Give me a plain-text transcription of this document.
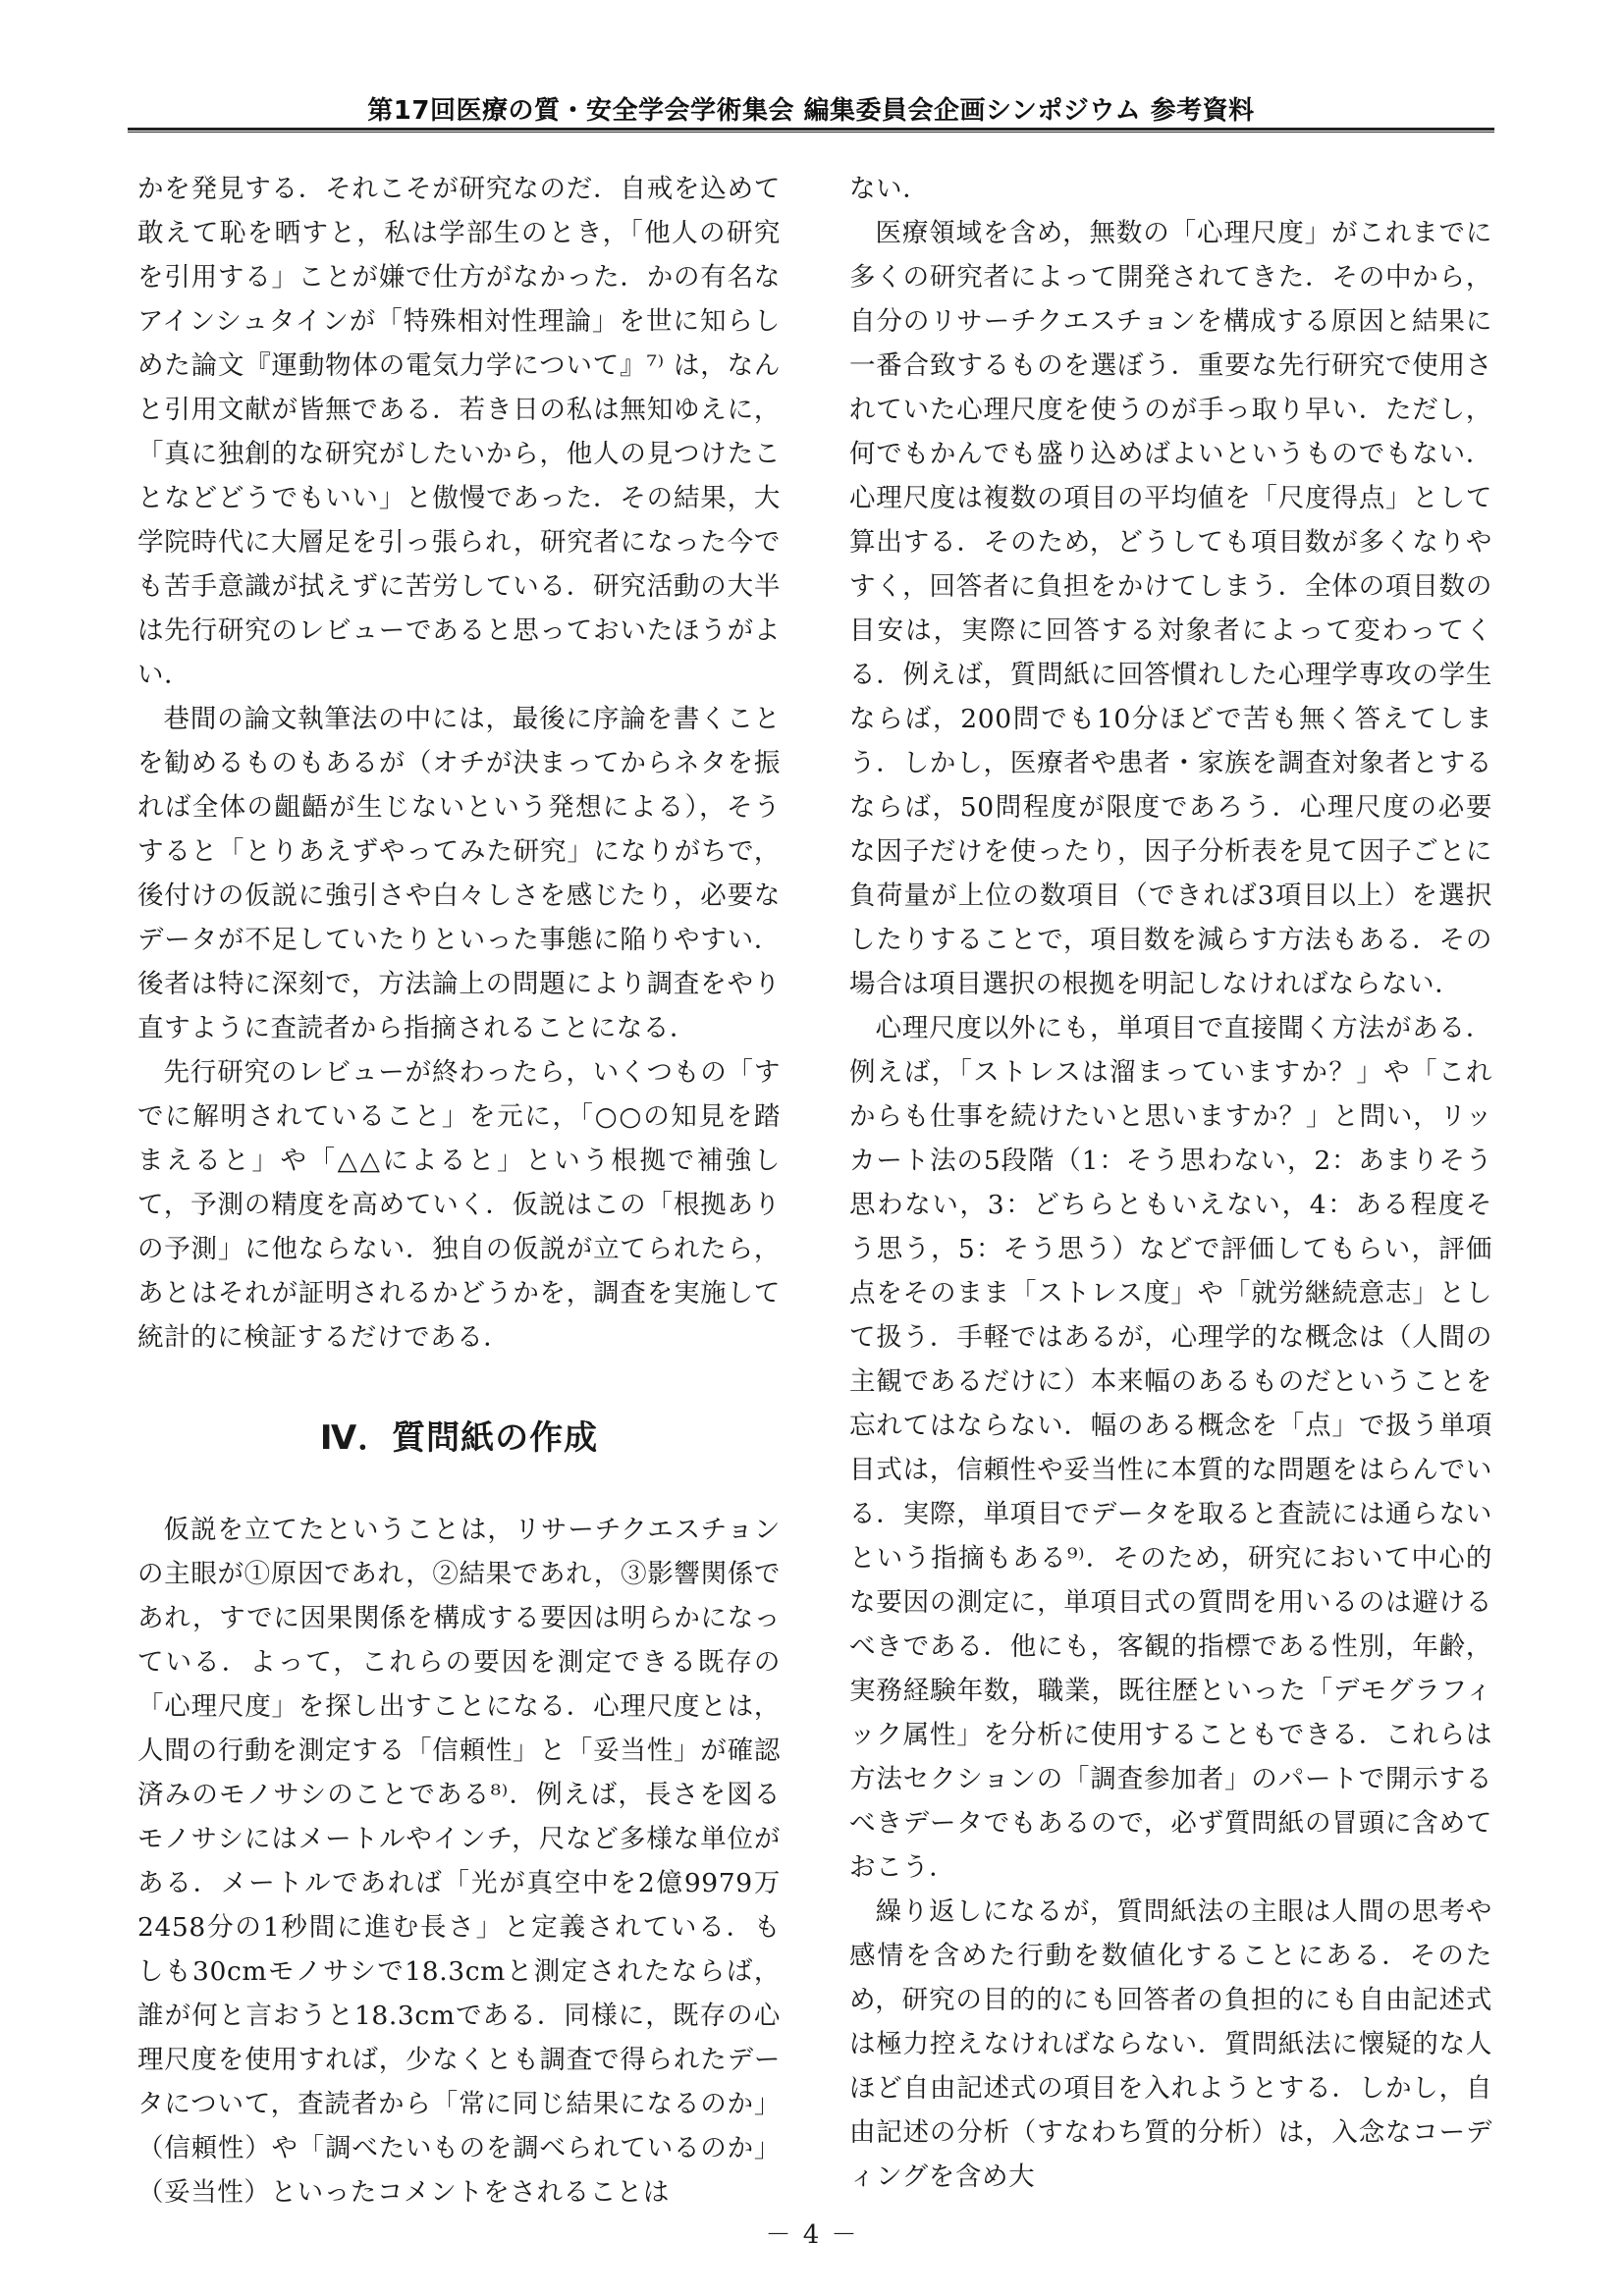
第17回医療の質・安全学会学術集会 編集委員会企画シンポジウム 参考資料

かを発見する．それこそが研究なのだ．自戒を込めて敢えて恥を晒すと，私は学部生のとき，「他人の研究を引用する」ことが嫌で仕方がなかった．かの有名なアインシュタインが「特殊相対性理論」を世に知らしめた論文『運動物体の電気力学について』⁷⁾ は，なんと引用文献が皆無である．若き日の私は無知ゆえに，「真に独創的な研究がしたいから，他人の見つけたことなどどうでもいい」と傲慢であった．その結果，大学院時代に大層足を引っ張られ，研究者になった今でも苦手意識が拭えずに苦労している．研究活動の大半は先行研究のレビューであると思っておいたほうがよい．

巷間の論文執筆法の中には，最後に序論を書くことを勧めるものもあるが（オチが決まってからネタを振れば全体の齟齬が生じないという発想による），そうすると「とりあえずやってみた研究」になりがちで，後付けの仮説に強引さや白々しさを感じたり，必要なデータが不足していたりといった事態に陥りやすい．後者は特に深刻で，方法論上の問題により調査をやり直すように査読者から指摘されることになる．

先行研究のレビューが終わったら，いくつもの「すでに解明されていること」を元に，「○○の知見を踏まえると」や「△△によると」という根拠で補強して，予測の精度を高めていく．仮説はこの「根拠ありの予測」に他ならない．独自の仮説が立てられたら，あとはそれが証明されるかどうかを，調査を実施して統計的に検証するだけである．

Ⅳ．質問紙の作成

仮説を立てたということは，リサーチクエスチョンの主眼が①原因であれ，②結果であれ，③影響関係であれ，すでに因果関係を構成する要因は明らかになっている．よって，これらの要因を測定できる既存の「心理尺度」を探し出すことになる．心理尺度とは，人間の行動を測定する「信頼性」と「妥当性」が確認済みのモノサシのことである⁸⁾．例えば，長さを図るモノサシにはメートルやインチ，尺など多様な単位がある．メートルであれば「光が真空中を2億9979万2458分の1秒間に進む長さ」と定義されている．もしも30cmモノサシで18.3cmと測定されたならば，誰が何と言おうと18.3cmである．同様に，既存の心理尺度を使用すれば，少なくとも調査で得られたデータについて，査読者から「常に同じ結果になるのか」（信頼性）や「調べたいものを調べられているのか」（妥当性）といったコメントをされることは

ない．

医療領域を含め，無数の「心理尺度」がこれまでに多くの研究者によって開発されてきた．その中から，自分のリサーチクエスチョンを構成する原因と結果に一番合致するものを選ぼう．重要な先行研究で使用されていた心理尺度を使うのが手っ取り早い．ただし，何でもかんでも盛り込めばよいというものでもない．心理尺度は複数の項目の平均値を「尺度得点」として算出する．そのため，どうしても項目数が多くなりやすく，回答者に負担をかけてしまう．全体の項目数の目安は，実際に回答する対象者によって変わってくる．例えば，質問紙に回答慣れした心理学専攻の学生ならば，200問でも10分ほどで苦も無く答えてしまう．しかし，医療者や患者・家族を調査対象者とするならば，50問程度が限度であろう．心理尺度の必要な因子だけを使ったり，因子分析表を見て因子ごとに負荷量が上位の数項目（できれば3項目以上）を選択したりすることで，項目数を減らす方法もある．その場合は項目選択の根拠を明記しなければならない．

心理尺度以外にも，単項目で直接聞く方法がある．例えば，「ストレスは溜まっていますか？」や「これからも仕事を続けたいと思いますか？」と問い，リッカート法の5段階（1：そう思わない，2：あまりそう思わない，3：どちらともいえない，4：ある程度そう思う，5：そう思う）などで評価してもらい，評価点をそのまま「ストレス度」や「就労継続意志」として扱う．手軽ではあるが，心理学的な概念は（人間の主観であるだけに）本来幅のあるものだということを忘れてはならない．幅のある概念を「点」で扱う単項目式は，信頼性や妥当性に本質的な問題をはらんでいる．実際，単項目でデータを取ると査読には通らないという指摘もある⁹⁾．そのため，研究において中心的な要因の測定に，単項目式の質問を用いるのは避けるべきである．他にも，客観的指標である性別，年齢，実務経験年数，職業，既往歴といった「デモグラフィック属性」を分析に使用することもできる．これらは方法セクションの「調査参加者」のパートで開示するべきデータでもあるので，必ず質問紙の冒頭に含めておこう．

繰り返しになるが，質問紙法の主眼は人間の思考や感情を含めた行動を数値化することにある．そのため，研究の目的的にも回答者の負担的にも自由記述式は極力控えなければならない．質問紙法に懐疑的な人ほど自由記述式の項目を入れようとする．しかし，自由記述の分析（すなわち質的分析）は，入念なコーディングを含め大

－ 4 －
